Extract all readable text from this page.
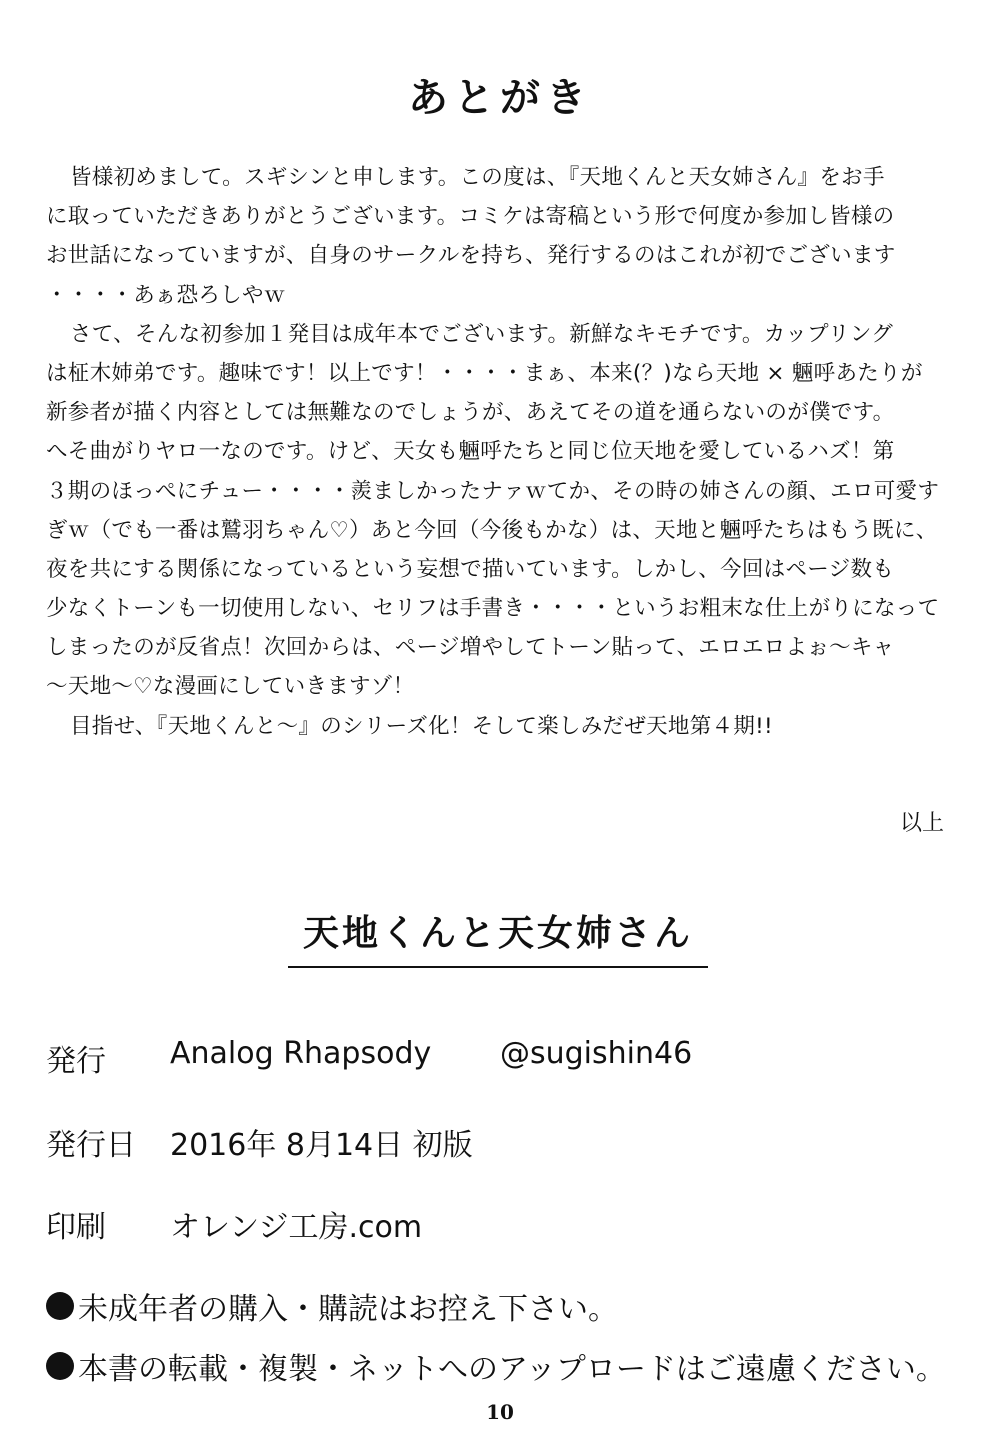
あとがき
皆様初めまして。スギシンと申します。この度は、『天地くんと天女姉さん』をお手
に取っていただきありがとうございます。コミケは寄稿という形で何度か参加し皆様の
お世話になっていますが、自身のサークルを持ち、発行するのはこれが初でございます
・・・・あぁ恐ろしやｗ
さて、そんな初参加１発目は成年本でございます。新鮮なキモチです。カップリング
は柾木姉弟です。趣味です！以上です！・・・・まぁ、本来(？)なら天地 × 魎呼あたりが
新参者が描く内容としては無難なのでしょうが、あえてその道を通らないのが僕です。
へそ曲がりヤロ一なのです。けど、天女も魎呼たちと同じ位天地を愛しているハズ！第
３期のほっぺにチュー・・・・羨ましかったナァｗてか、その時の姉さんの顔、エロ可愛す
ぎｗ（でも一番は鷲羽ちゃん♡）あと今回（今後もかな）は、天地と魎呼たちはもう既に、
夜を共にする関係になっているという妄想で描いています。しかし、今回はページ数も
少なくトーンも一切使用しない、セリフは手書き・・・・というお粗末な仕上がりになって
しまったのが反省点！次回からは、ページ増やしてトーン貼って、エロエロよぉ～キャ
～天地～♡な漫画にしていきますゾ！
目指せ、『天地くんと～』のシリーズ化！そして楽しみだぜ天地第４期!!
以上
天地くんと天女姉さん
発行 Analog Rhapsody @sugishin46
発行日 2016年 8月14日 初版
印刷 オレンジ工房.com
未成年者の購入・購読はお控え下さい。
本書の転載・複製・ネットへのアップロードはご遠慮ください。
10
